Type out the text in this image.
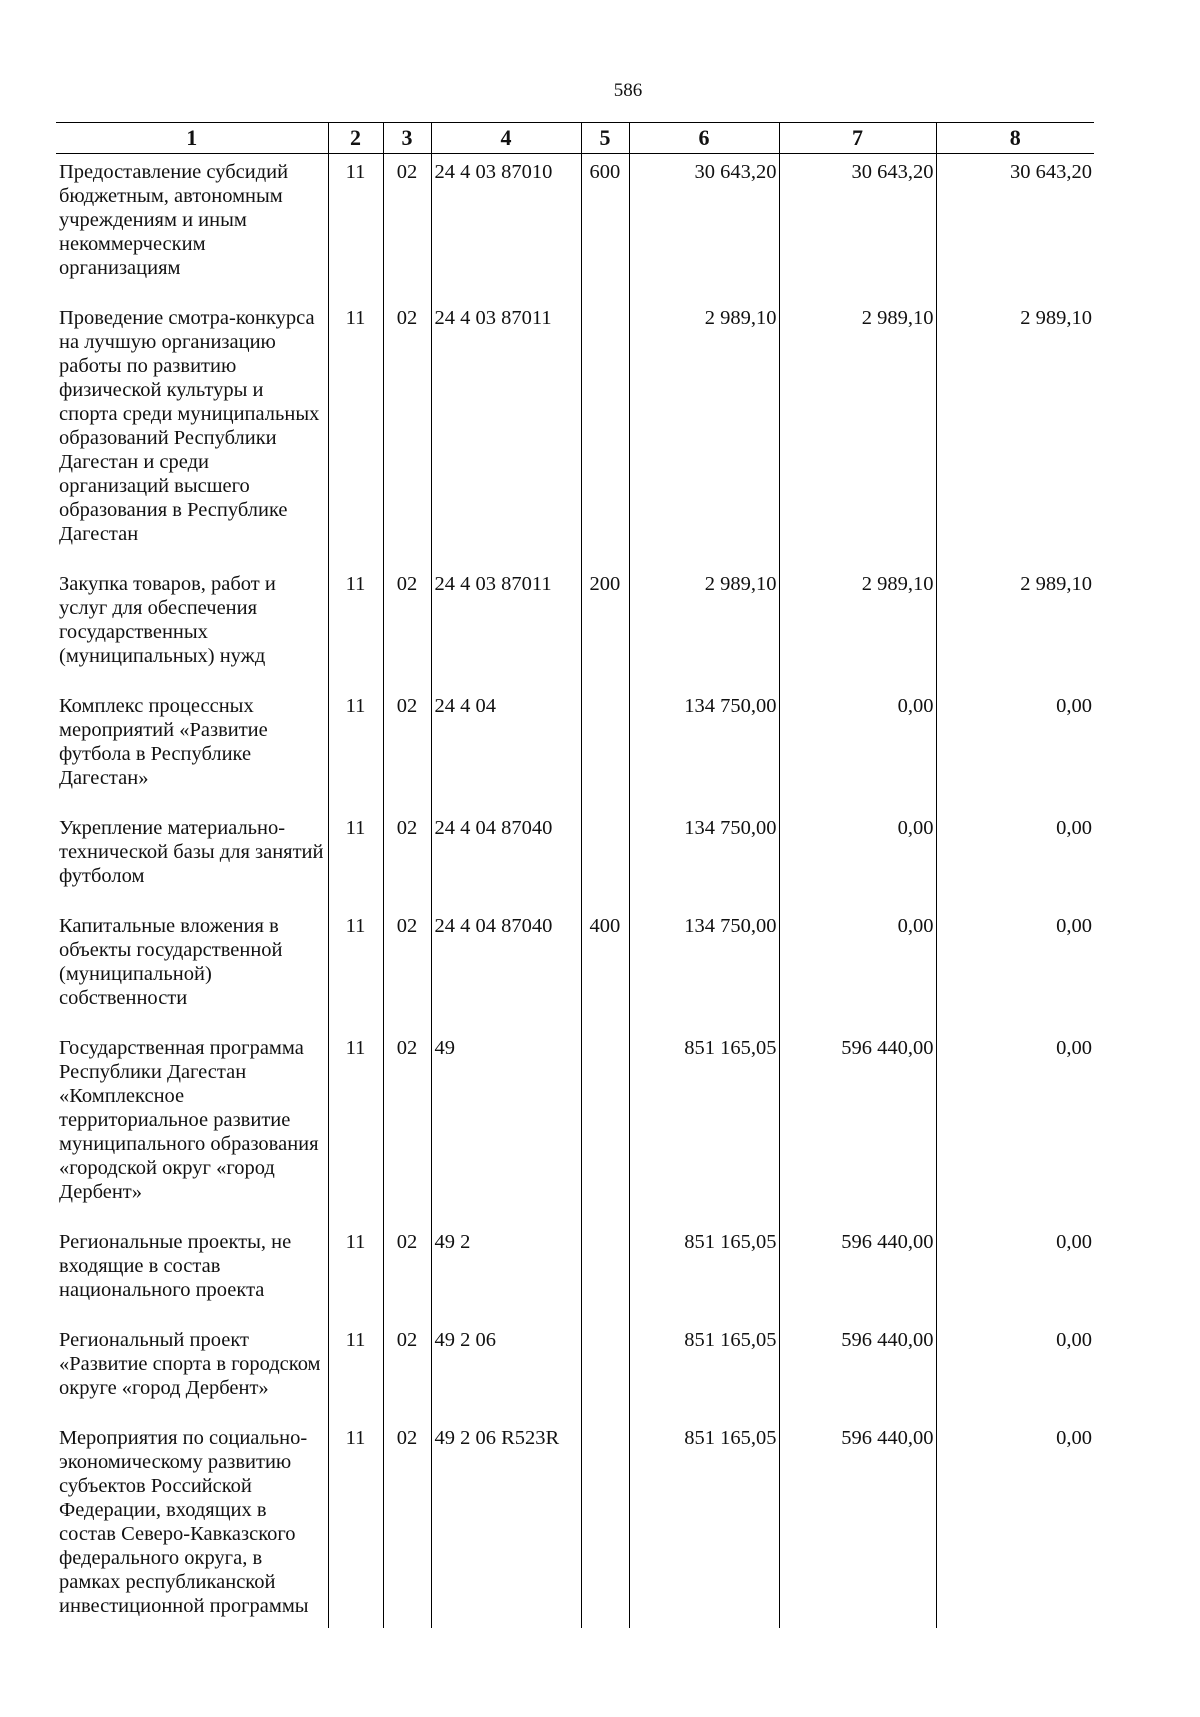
586
1	2	3	4	5	6	7	8
Предоставление субсидий бюджетным, автономным учреждениям и иным некоммерческим организациям	11	02	24 4 03 87010	600	30 643,20	30 643,20	30 643,20
Проведение смотра-конкурса на лучшую организацию работы по развитию физической культуры и спорта среди муниципальных образований Республики Дагестан и среди организаций высшего образования в Республике Дагестан	11	02	24 4 03 87011		2 989,10	2 989,10	2 989,10
Закупка товаров, работ и услуг для обеспечения государственных (муниципальных) нужд	11	02	24 4 03 87011	200	2 989,10	2 989,10	2 989,10
Комплекс процессных мероприятий «Развитие футбола в Республике Дагестан»	11	02	24 4 04		134 750,00	0,00	0,00
Укрепление материально-технической базы для занятий футболом	11	02	24 4 04 87040		134 750,00	0,00	0,00
Капитальные вложения в объекты государственной (муниципальной) собственности	11	02	24 4 04 87040	400	134 750,00	0,00	0,00
Государственная программа Республики Дагестан «Комплексное территориальное развитие муниципального образования «городской округ «город Дербент»	11	02	49		851 165,05	596 440,00	0,00
Региональные проекты, не входящие в состав национального проекта	11	02	49 2		851 165,05	596 440,00	0,00
Региональный проект «Развитие спорта в городском округе «город Дербент»	11	02	49 2 06		851 165,05	596 440,00	0,00
Мероприятия по социально-экономическому развитию субъектов Российской Федерации, входящих в состав Северо-Кавказского федерального округа, в рамках республиканской инвестиционной программы	11	02	49 2 06 R523R		851 165,05	596 440,00	0,00
